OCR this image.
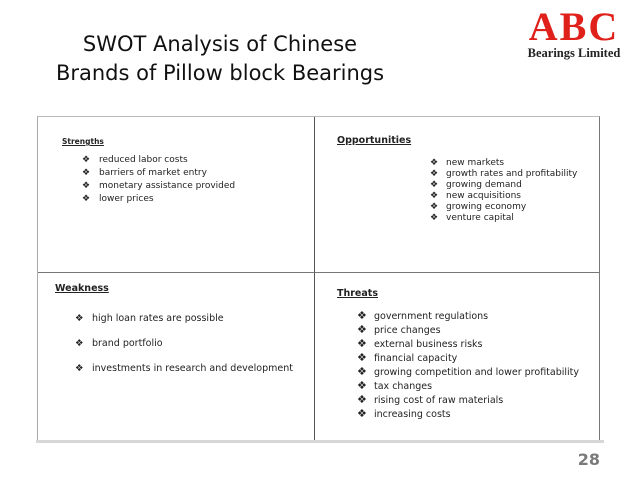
SWOT Analysis of Chinese
Brands of Pillow block Bearings
ABC
Bearings Limited
Strengths
❖ reduced labor costs
❖ barriers of market entry
❖ monetary assistance provided
❖ lower prices
Opportunities
❖ new markets
❖ growth rates and profitability
❖ growing demand
❖ new acquisitions
❖ growing economy
❖ venture capital
Weakness
❖ high loan rates are possible
❖ brand portfolio
❖ investments in research and development
Threats
❖ government regulations
❖ price changes
❖ external business risks
❖ financial capacity
❖ growing competition and lower profitability
❖ tax changes
❖ rising cost of raw materials
❖ increasing costs
28
